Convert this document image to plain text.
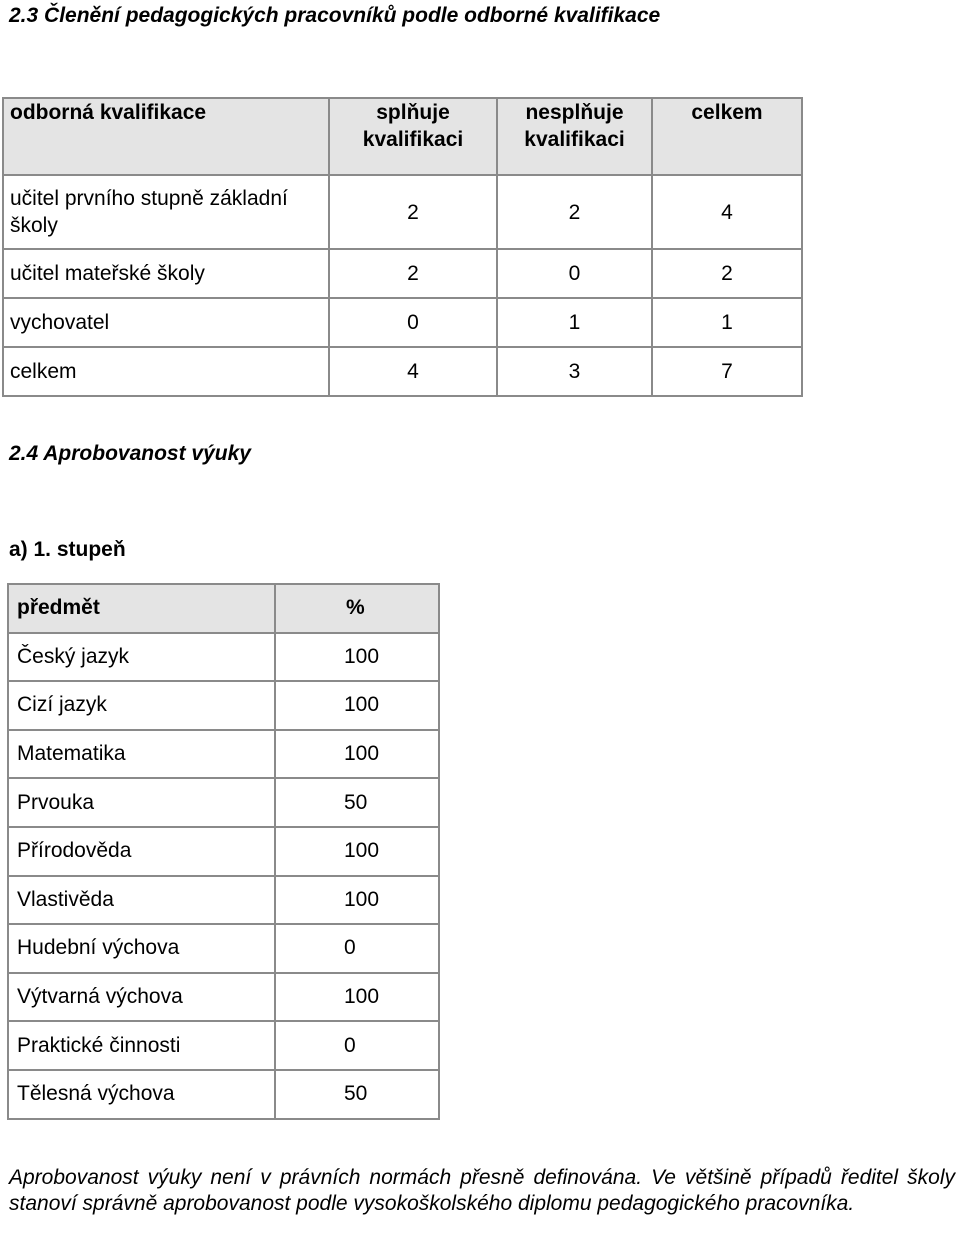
2.3 Členění pedagogických pracovníků podle odborné kvalifikace
odborná kvalifikace	splňuje kvalifikaci	nesplňuje kvalifikaci	celkem
učitel prvního stupně základní školy	2	2	4
učitel mateřské školy	2	0	2
vychovatel	0	1	1
celkem	4	3	7
2.4 Aprobovanost výuky
a) 1. stupeň
předmět	%
Český jazyk	100
Cizí jazyk	100
Matematika	100
Prvouka	50
Přírodověda	100
Vlastivěda	100
Hudební výchova	0
Výtvarná výchova	100
Praktické činnosti	0
Tělesná výchova	50

Aprobovanost výuky není v právních normách přesně definována. Ve většině případů ředitel školy stanoví správně aprobovanost podle vysokoškolského diplomu pedagogického pracovníka.
